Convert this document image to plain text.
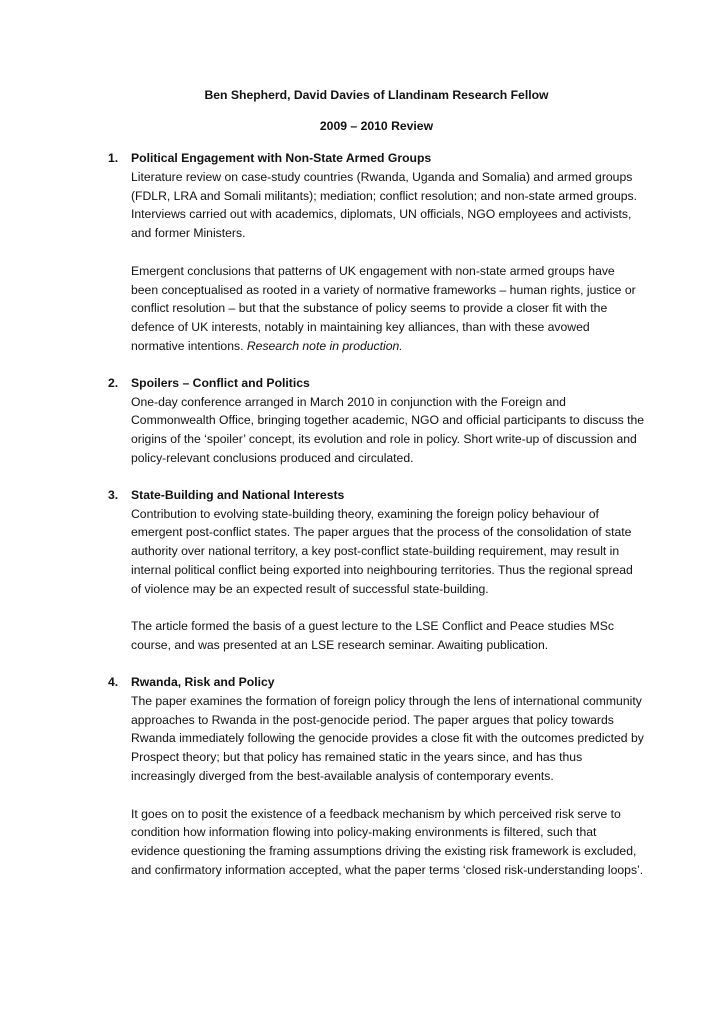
Ben Shepherd, David Davies of Llandinam Research Fellow
2009 – 2010 Review
1. Political Engagement with Non-State Armed Groups

Literature review on case-study countries (Rwanda, Uganda and Somalia) and armed groups (FDLR, LRA and Somali militants); mediation; conflict resolution; and non-state armed groups. Interviews carried out with academics, diplomats, UN officials, NGO employees and activists, and former Ministers.

Emergent conclusions that patterns of UK engagement with non-state armed groups have been conceptualised as rooted in a variety of normative frameworks – human rights, justice or conflict resolution – but that the substance of policy seems to provide a closer fit with the defence of UK interests, notably in maintaining key alliances, than with these avowed normative intentions. Research note in production.

2. Spoilers – Conflict and Politics

One-day conference arranged in March 2010 in conjunction with the Foreign and Commonwealth Office, bringing together academic, NGO and official participants to discuss the origins of the ‘spoiler’ concept, its evolution and role in policy. Short write-up of discussion and policy-relevant conclusions produced and circulated.

3. State-Building and National Interests

Contribution to evolving state-building theory, examining the foreign policy behaviour of emergent post-conflict states. The paper argues that the process of the consolidation of state authority over national territory, a key post-conflict state-building requirement, may result in internal political conflict being exported into neighbouring territories. Thus the regional spread of violence may be an expected result of successful state-building.

The article formed the basis of a guest lecture to the LSE Conflict and Peace studies MSc course, and was presented at an LSE research seminar. Awaiting publication.

4. Rwanda, Risk and Policy

The paper examines the formation of foreign policy through the lens of international community approaches to Rwanda in the post-genocide period. The paper argues that policy towards Rwanda immediately following the genocide provides a close fit with the outcomes predicted by Prospect theory; but that policy has remained static in the years since, and has thus increasingly diverged from the best-available analysis of contemporary events.

It goes on to posit the existence of a feedback mechanism by which perceived risk serve to condition how information flowing into policy-making environments is filtered, such that evidence questioning the framing assumptions driving the existing risk framework is excluded, and confirmatory information accepted, what the paper terms ‘closed risk-understanding loops’.
